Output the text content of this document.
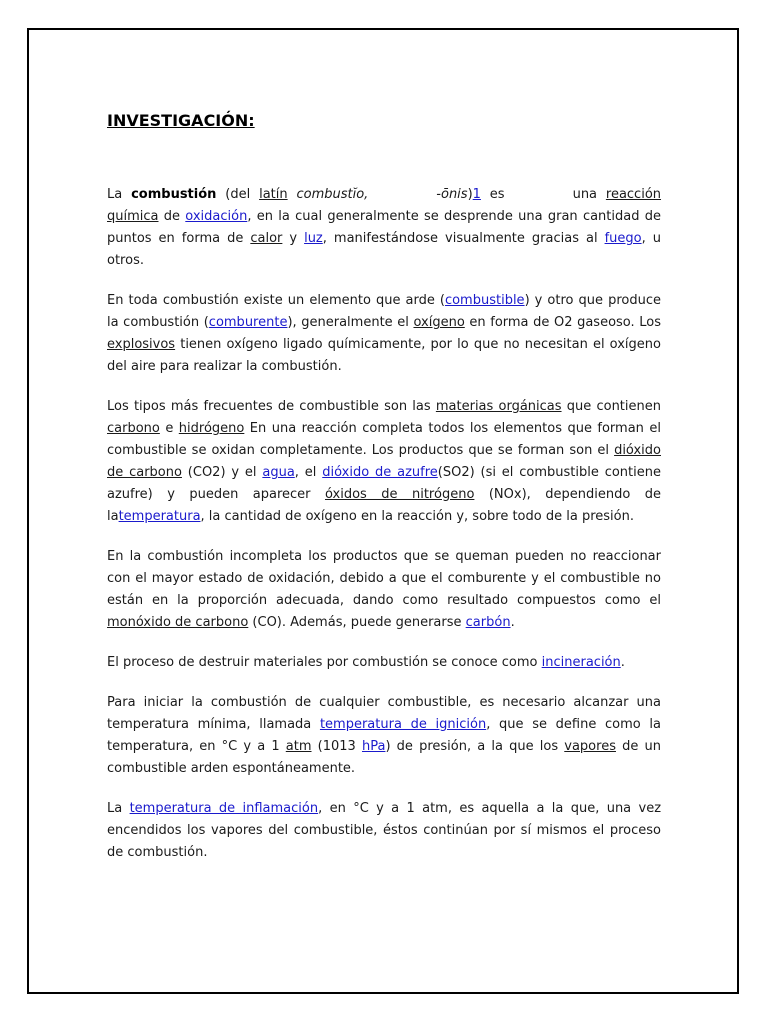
INVESTIGACIÓN:

La combustión (del latín combustĭo,	-ōnis)1 es	una reacción química de oxidación, en la cual generalmente se desprende una gran cantidad de puntos en forma de calor y luz, manifestándose visualmente gracias al fuego, u otros.

En toda combustión existe un elemento que arde (combustible) y otro que produce la combustión (comburente), generalmente el oxígeno en forma de O2 gaseoso. Los explosivos tienen oxígeno ligado químicamente, por lo que no necesitan el oxígeno del aire para realizar la combustión.

Los tipos más frecuentes de combustible son las materias orgánicas que contienen carbono e hidrógeno En una reacción completa todos los elementos que forman el combustible se oxidan completamente. Los productos que se forman son el dióxido de carbono (CO2) y el agua, el dióxido de azufre(SO2) (si el combustible contiene azufre) y pueden aparecer óxidos de nitrógeno (NOx), dependiendo de latemperatura, la cantidad de oxígeno en la reacción y, sobre todo de la presión.

En la combustión incompleta los productos que se queman pueden no reaccionar con el mayor estado de oxidación, debido a que el comburente y el combustible no están en la proporción adecuada, dando como resultado compuestos como el monóxido de carbono (CO). Además, puede generarse carbón.

El proceso de destruir materiales por combustión se conoce como incineración.

Para iniciar la combustión de cualquier combustible, es necesario alcanzar una temperatura mínima, llamada temperatura de ignición, que se define como la temperatura, en °C y a 1 atm (1013 hPa) de presión, a la que los vapores de un combustible arden espontáneamente.

La temperatura de inflamación, en °C y a 1 atm, es aquella a la que, una vez encendidos los vapores del combustible, éstos continúan por sí mismos el proceso de combustión.
